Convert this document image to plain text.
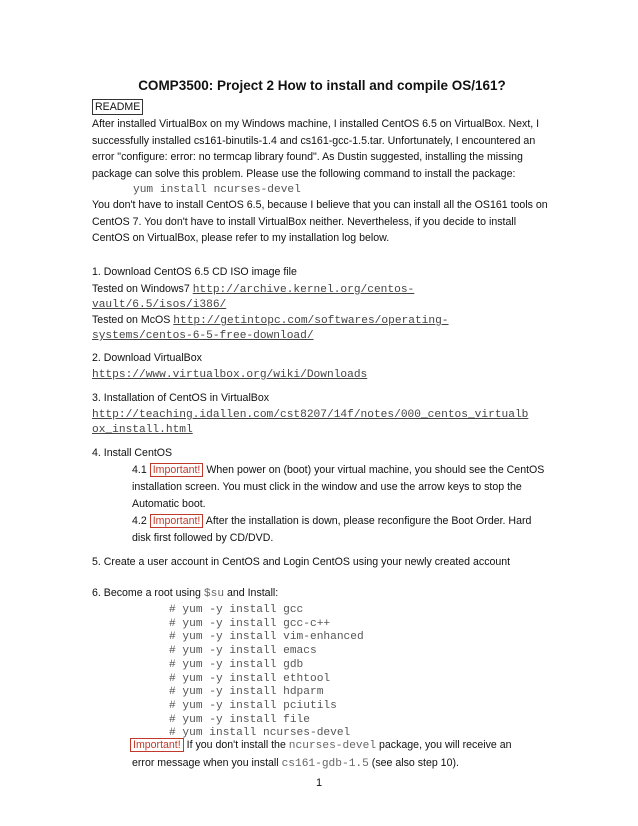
COMP3500: Project 2 How to install and compile OS/161?
README

After installed VirtualBox on my Windows machine, I installed CentOS 6.5 on VirtualBox. Next, I successfully installed cs161-binutils-1.4 and cs161-gcc-1.5.tar. Unfortunately, I encountered an error "configure: error: no termcap library found". As Dustin suggested, installing the missing package can solve this problem. Please use the following command to install the package:

yum install ncurses-devel

You don't have to install CentOS 6.5, because I believe that you can install all the OS161 tools on CentOS 7. You don't have to install VirtualBox neither. Nevertheless, if you decide to install CentOS on VirtualBox, please refer to my installation log below.

1. Download CentOS 6.5 CD ISO image file
Tested on Windows7 http://archive.kernel.org/centos-
vault/6.5/isos/i386/
Tested on McOS http://getintopc.com/softwares/operating-
systems/centos-6-5-free-download/
2. Download VirtualBox
https://www.virtualbox.org/wiki/Downloads
3. Installation of CentOS in VirtualBox
http://teaching.idallen.com/cst8207/14f/notes/000_centos_virtualb
ox_install.html
4. Install CentOS
4.1 Important! When power on (boot) your virtual machine, you should see the CentOS
installation screen. You must click in the window and use the arrow keys to stop the
Automatic boot.
4.2 Important! After the installation is down, please reconfigure the Boot Order. Hard
disk first followed by CD/DVD.
5. Create a user account in CentOS and Login CentOS using your newly created account
6. Become a root using $su and Install:
# yum -y install gcc
# yum -y install gcc-c++
# yum -y install vim-enhanced
# yum -y install emacs
# yum -y install gdb
# yum -y install ethtool
# yum -y install hdparm
# yum -y install pciutils
# yum -y install file
# yum install ncurses-devel
Important! If you don't install the ncurses-devel package, you will receive an
error message when you install cs161-gdb-1.5 (see also step 10).
1
